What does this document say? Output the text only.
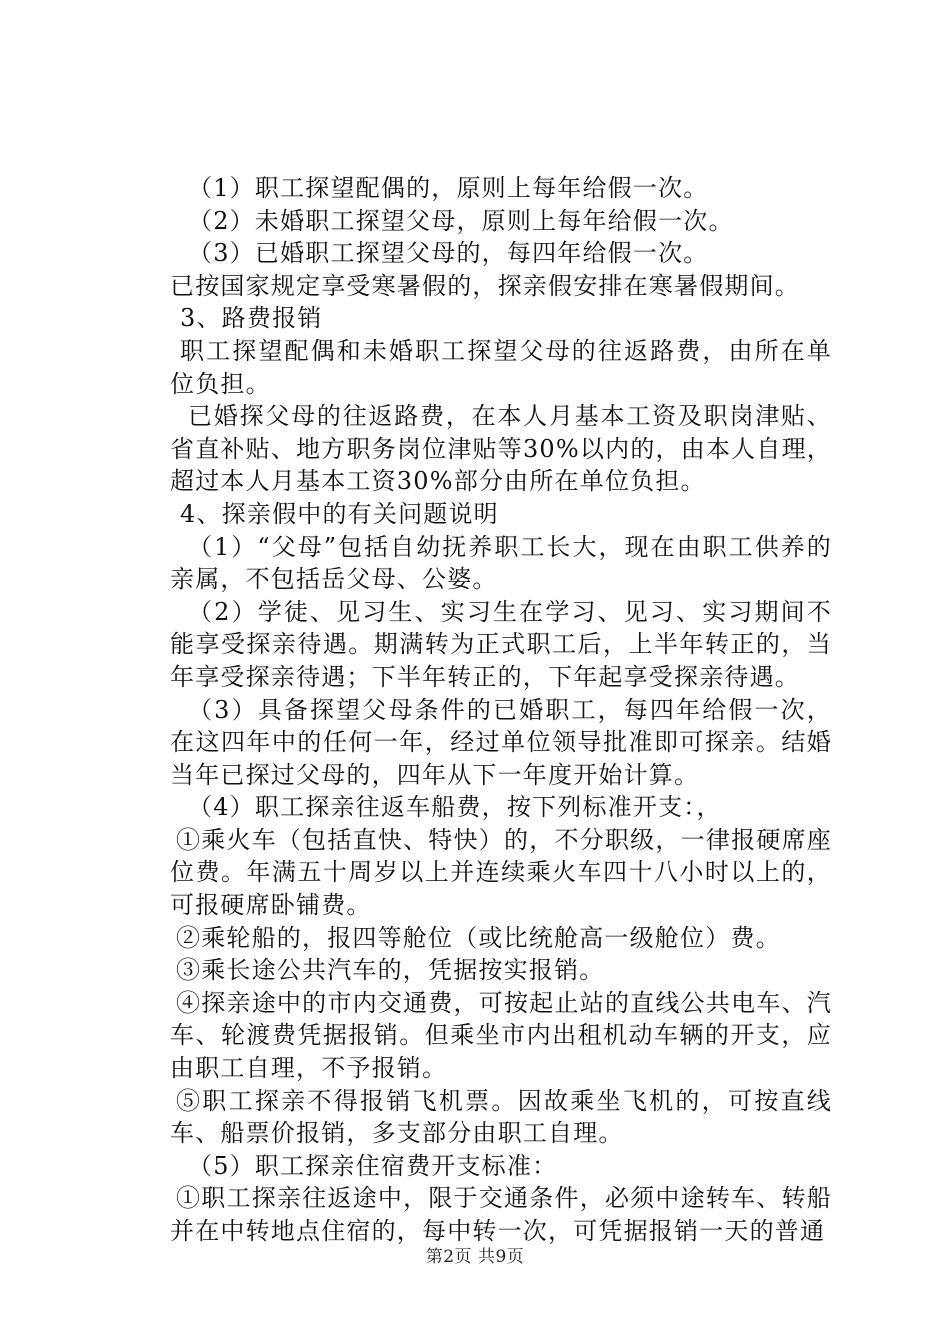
（1）职工探望配偶的，原则上每年给假一次。

（2）未婚职工探望父母，原则上每年给假一次。

（3）已婚职工探望父母的，每四年给假一次。

已按国家规定享受寒暑假的，探亲假安排在寒暑假期间。

3、路费报销

职工探望配偶和未婚职工探望父母的往返路费，由所在单位负担。

已婚探父母的往返路费，在本人月基本工资及职岗津贴、省直补贴、地方职务岗位津贴等30%以内的，由本人自理，超过本人月基本工资30%部分由所在单位负担。

4、探亲假中的有关问题说明

（1）“父母”包括自幼抚养职工长大，现在由职工供养的亲属，不包括岳父母、公婆。

（2）学徒、见习生、实习生在学习、见习、实习期间不能享受探亲待遇。期满转为正式职工后，上半年转正的，当年享受探亲待遇；下半年转正的，下年起享受探亲待遇。

（3）具备探望父母条件的已婚职工，每四年给假一次，在这四年中的任何一年，经过单位领导批准即可探亲。结婚当年已探过父母的，四年从下一年度开始计算。

（4）职工探亲往返车船费，按下列标准开支：，

①乘火车（包括直快、特快）的，不分职级，一律报硬席座位费。年满五十周岁以上并连续乘火车四十八小时以上的，可报硬席卧铺费。

②乘轮船的，报四等舱位（或比统舱高一级舱位）费。

③乘长途公共汽车的，凭据按实报销。

④探亲途中的市内交通费，可按起止站的直线公共电车、汽车、轮渡费凭据报销。但乘坐市内出租机动车辆的开支，应由职工自理，不予报销。

⑤职工探亲不得报销飞机票。因故乘坐飞机的，可按直线车、船票价报销，多支部分由职工自理。

（5）职工探亲住宿费开支标准：

①职工探亲往返途中，限于交通条件，必须中途转车、转船并在中转地点住宿的，每中转一次，可凭据报销一天的普通

第2页 共9页
